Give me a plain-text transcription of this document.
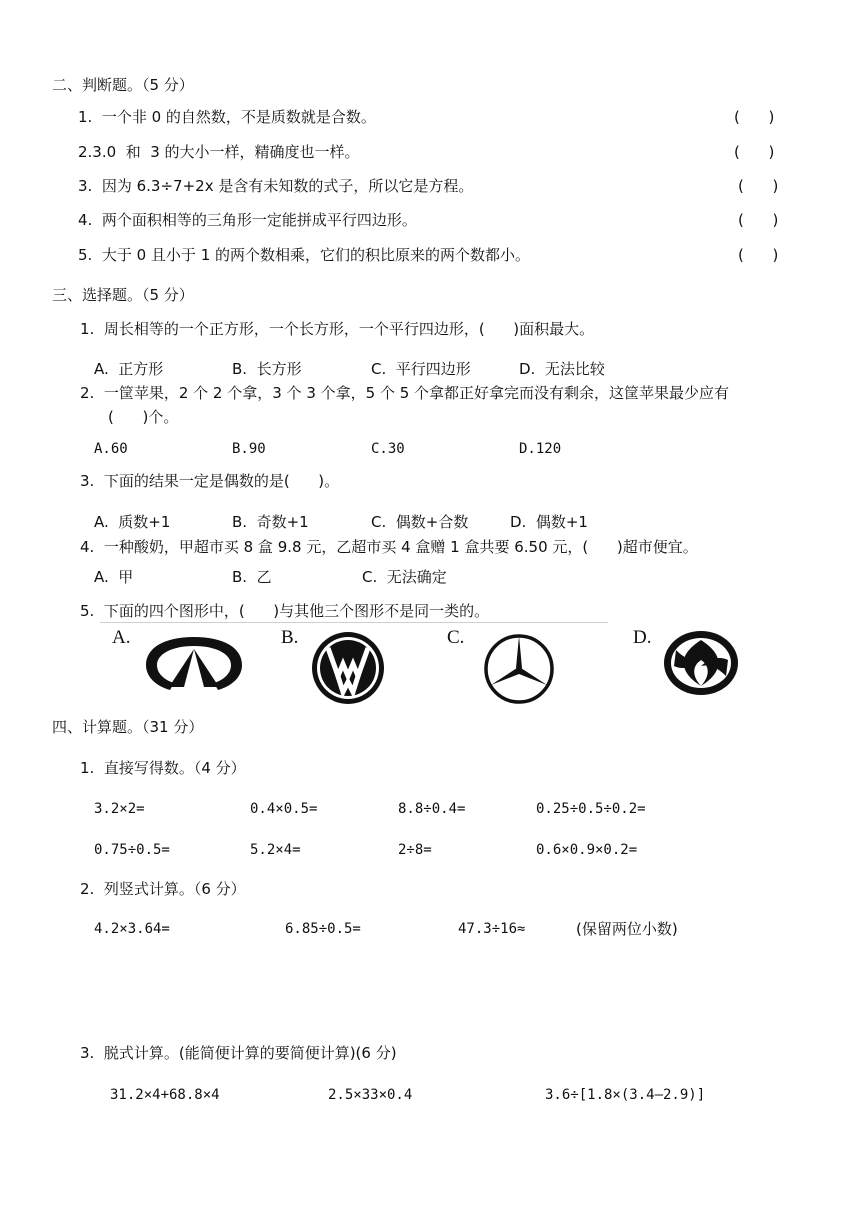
二、判断题。（5 分）
1.  一个非 0 的自然数，不是质数就是合数。	(      )
2.3.0  和  3 的大小一样，精确度也一样。	(      )
3.  因为 6.3÷7+2x 是含有未知数的式子，所以它是方程。	(      )
4.  两个面积相等的三角形一定能拼成平行四边形。	(      )
5.  大于 0 且小于 1 的两个数相乘，它们的积比原来的两个数都小。	(      )
三、选择题。（5 分）
1.  周长相等的一个正方形，一个长方形，一个平行四边形，(      )面积最大。
A.  正方形	B.  长方形	C.  平行四边形	D.  无法比较
2.  一筐苹果，2 个 2 个拿，3 个 3 个拿，5 个 5 个拿都正好拿完而没有剩余，这筐苹果最少应有
(      )个。
A.60	B.90	C.30	D.120
3.  下面的结果一定是偶数的是(      )。
A.  质数+1	B.  奇数+1	C.  偶数+合数	D.  偶数+1
4.  一种酸奶，甲超市买 8 盒 9.8 元，乙超市买 4 盒赠 1 盒共要 6.50 元，(      )超市便宜。
A.  甲	B.  乙	C.  无法确定
5.  下面的四个图形中，(      )与其他三个图形不是同一类的。
A.	B.	C.	D.
四、计算题。（31 分）
1.  直接写得数。（4 分）
3.2×2=	0.4×0.5=	8.8÷0.4=	0.25÷0.5÷0.2=
0.75÷0.5=	5.2×4=	2÷8=	0.6×0.9×0.2=
2.  列竖式计算。（6 分）
4.2×3.64=	6.85÷0.5=	47.3÷16≈	(保留两位小数)
3.  脱式计算。(能简便计算的要简便计算)(6 分)
31.2×4+68.8×4	2.5×33×0.4	3.6÷[1.8×(3.4—2.9)]
